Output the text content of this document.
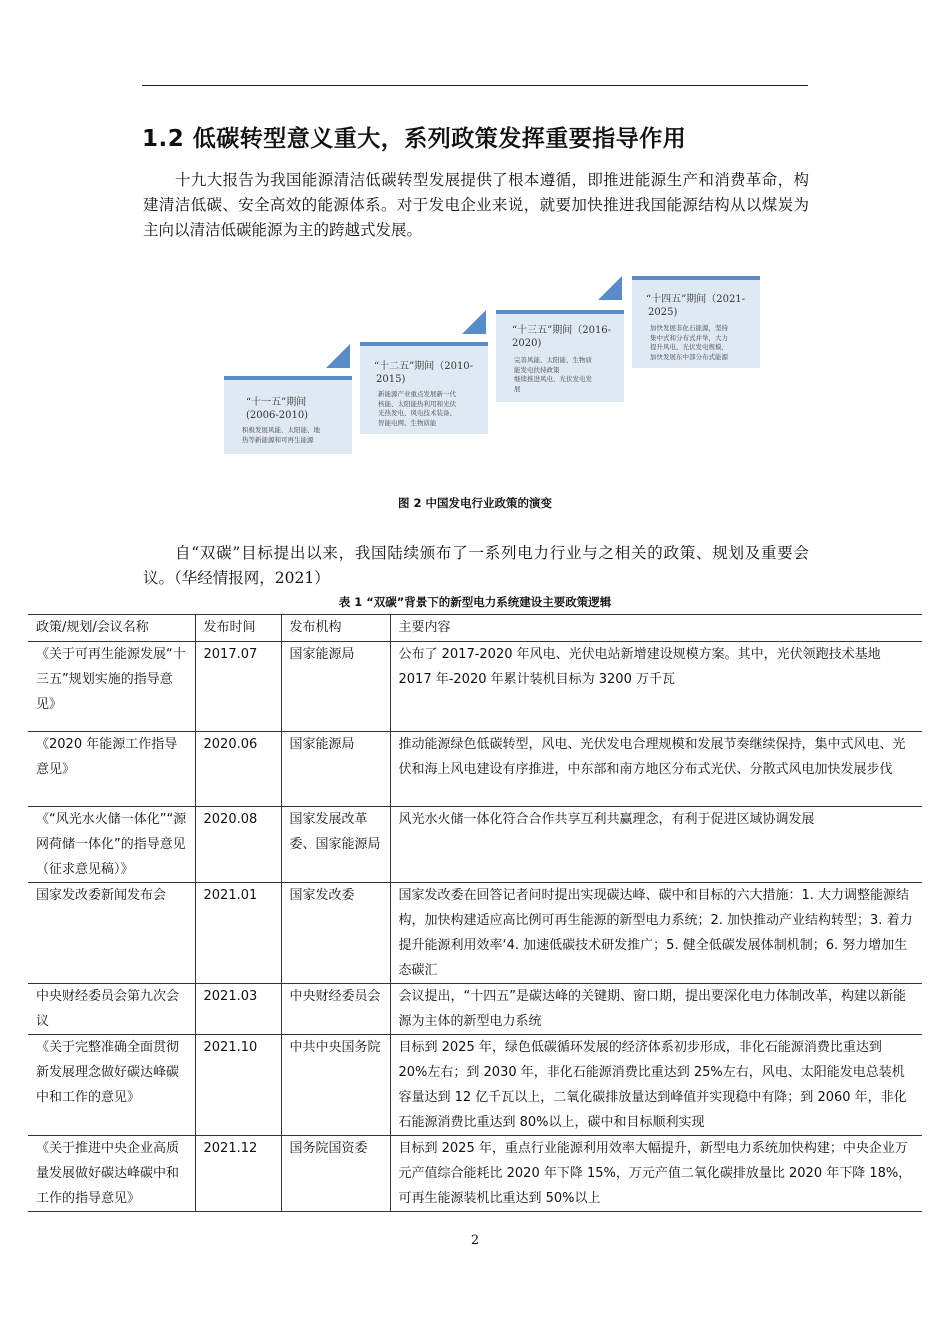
1.2 低碳转型意义重大，系列政策发挥重要指导作用

十九大报告为我国能源清洁低碳转型发展提供了根本遵循，即推进能源生产和消费革命，构建清洁低碳、安全高效的能源体系。对于发电企业来说，就要加快推进我国能源结构从以煤炭为主向以清洁低碳能源为主的跨越式发展。

“十一五”期间
(2006-2010)
积极发展风能、太阳能、地
热等新能源和可再生能源
“十二五”期间（2010-
2015)
新能源产业重点发展新一代
核能、太阳能热利用和光伏
光热发电、风电技术装备、
智能电网、生物质能
“十三五”期间（2016-
2020)
完善风能、太阳能、生物质
能发电扶持政策
继续推进风电、光伏发电发
展
“十四五”期间（2021-
2025)
加快发展非化石能源，坚持
集中式和分布式并举，大力
提升风电、光伏发电规模，
加快发展东中部分布式能源
图 2 中国发电行业政策的演变

自“双碳”目标提出以来，我国陆续颁布了一系列电力行业与之相关的政策、规划及重要会议。（华经情报网，2021）

表 1 “双碳”背景下的新型电力系统建设主要政策逻辑
政策/规划/会议名称	发布时间	发布机构	主要内容
《关于可再生能源发展“十三五”规划实施的指导意见》	2017.07	国家能源局	公布了 2017-2020 年风电、光伏电站新增建设规模方案。其中，光伏领跑技术基地 2017 年-2020 年累计装机目标为 3200 万千瓦
《2020 年能源工作指导意见》	2020.06	国家能源局	推动能源绿色低碳转型，风电、光伏发电合理规模和发展节奏继续保持，集中式风电、光伏和海上风电建设有序推进，中东部和南方地区分布式光伏、分散式风电加快发展步伐
《“风光水火储一体化”“源网荷储一体化”的指导意见（征求意见稿）》	2020.08	国家发展改革委、国家能源局	风光水火储一体化符合合作共享互利共赢理念，有利于促进区域协调发展
国家发改委新闻发布会	2021.01	国家发改委	国家发改委在回答记者问时提出实现碳达峰、碳中和目标的六大措施：1. 大力调整能源结构，加快构建适应高比例可再生能源的新型电力系统；2. 加快推动产业结构转型；3. 着力提升能源利用效率‘4. 加速低碳技术研发推广；5. 健全低碳发展体制机制；6. 努力增加生态碳汇
中央财经委员会第九次会议	2021.03	中央财经委员会	会议提出，“十四五”是碳达峰的关键期、窗口期，提出要深化电力体制改革，构建以新能源为主体的新型电力系统
《关于完整准确全面贯彻新发展理念做好碳达峰碳中和工作的意见》	2021.10	中共中央国务院	目标到 2025 年，绿色低碳循环发展的经济体系初步形成，非化石能源消费比重达到 20%左右；到 2030 年，非化石能源消费比重达到 25%左右，风电、太阳能发电总装机容量达到 12 亿千瓦以上，二氧化碳排放量达到峰值并实现稳中有降；到 2060 年，非化石能源消费比重达到 80%以上，碳中和目标顺利实现
《关于推进中央企业高质量发展做好碳达峰碳中和工作的指导意见》	2021.12	国务院国资委	目标到 2025 年，重点行业能源利用效率大幅提升，新型电力系统加快构建；中央企业万元产值综合能耗比 2020 年下降 15%，万元产值二氧化碳排放量比 2020 年下降 18%，可再生能源装机比重达到 50%以上
2
